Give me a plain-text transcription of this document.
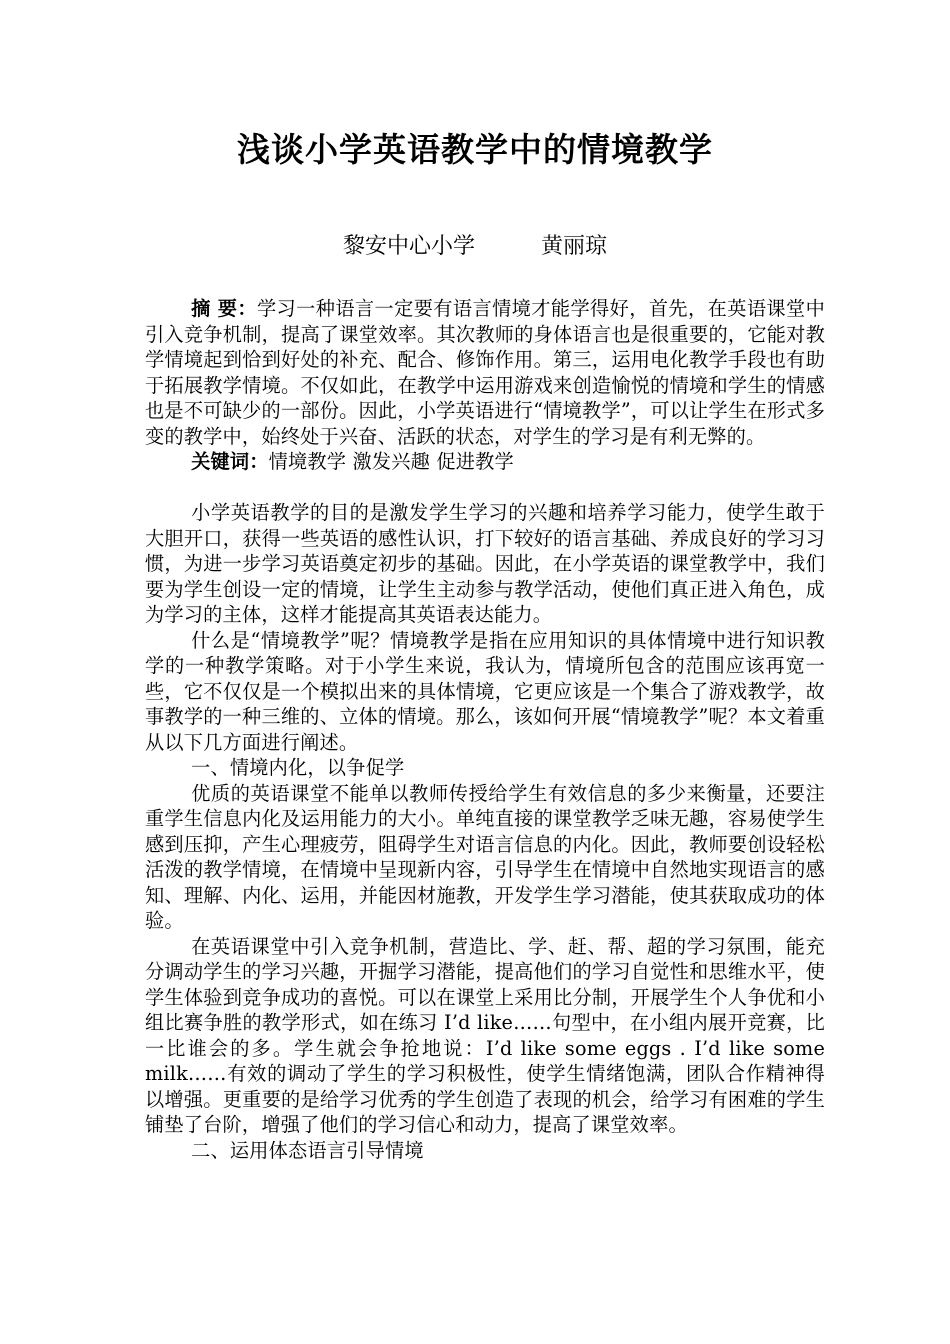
浅谈小学英语教学中的情境教学
黎安中心小学	黄丽琼

摘 要：学习一种语言一定要有语言情境才能学得好，首先，在英语课堂中引入竞争机制，提高了课堂效率。其次教师的身体语言也是很重要的，它能对教学情境起到恰到好处的补充、配合、修饰作用。第三，运用电化教学手段也有助于拓展教学情境。不仅如此，在教学中运用游戏来创造愉悦的情境和学生的情感也是不可缺少的一部份。因此，小学英语进行“情境教学”，可以让学生在形式多变的教学中，始终处于兴奋、活跃的状态，对学生的学习是有利无弊的。

关键词：情境教学 激发兴趣 促进教学

小学英语教学的目的是激发学生学习的兴趣和培养学习能力，使学生敢于大胆开口，获得一些英语的感性认识，打下较好的语言基础、养成良好的学习习惯，为进一步学习英语奠定初步的基础。因此，在小学英语的课堂教学中，我们要为学生创设一定的情境，让学生主动参与教学活动，使他们真正进入角色，成为学习的主体，这样才能提高其英语表达能力。

什么是“情境教学”呢？情境教学是指在应用知识的具体情境中进行知识教学的一种教学策略。对于小学生来说，我认为，情境所包含的范围应该再宽一些，它不仅仅是一个模拟出来的具体情境，它更应该是一个集合了游戏教学，故事教学的一种三维的、立体的情境。那么，该如何开展“情境教学”呢？本文着重从以下几方面进行阐述。

一、情境内化，以争促学

优质的英语课堂不能单以教师传授给学生有效信息的多少来衡量，还要注重学生信息内化及运用能力的大小。单纯直接的课堂教学乏味无趣，容易使学生感到压抑，产生心理疲劳，阻碍学生对语言信息的内化。因此，教师要创设轻松活泼的教学情境，在情境中呈现新内容，引导学生在情境中自然地实现语言的感知、理解、内化、运用，并能因材施教，开发学生学习潜能，使其获取成功的体验。

在英语课堂中引入竞争机制，营造比、学、赶、帮、超的学习氛围，能充分调动学生的学习兴趣，开掘学习潜能，提高他们的学习自觉性和思维水平，使学生体验到竞争成功的喜悦。可以在课堂上采用比分制，开展学生个人争优和小组比赛争胜的教学形式，如在练习 I’d like……句型中，在小组内展开竞赛，比一比谁会的多。学生就会争抢地说：I’d like some eggs . I’d like some milk……有效的调动了学生的学习积极性，使学生情绪饱满，团队合作精神得以增强。更重要的是给学习优秀的学生创造了表现的机会，给学习有困难的学生铺垫了台阶，增强了他们的学习信心和动力，提高了课堂效率。

二、运用体态语言引导情境
